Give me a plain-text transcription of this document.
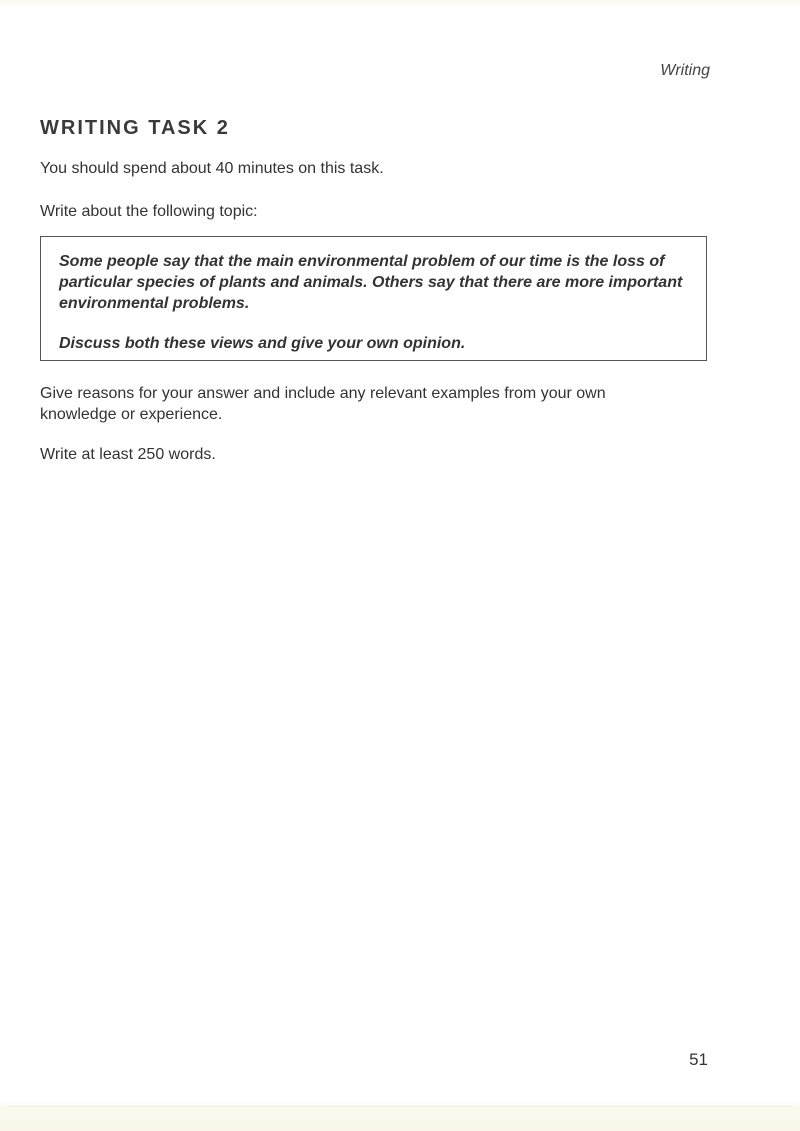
Writing
WRITING TASK 2

You should spend about 40 minutes on this task.

Write about the following topic:

Some people say that the main environmental problem of our time is the loss of particular species of plants and animals. Others say that there are more important environmental problems.

Discuss both these views and give your own opinion.

Give reasons for your answer and include any relevant examples from your own knowledge or experience.

Write at least 250 words.

51
